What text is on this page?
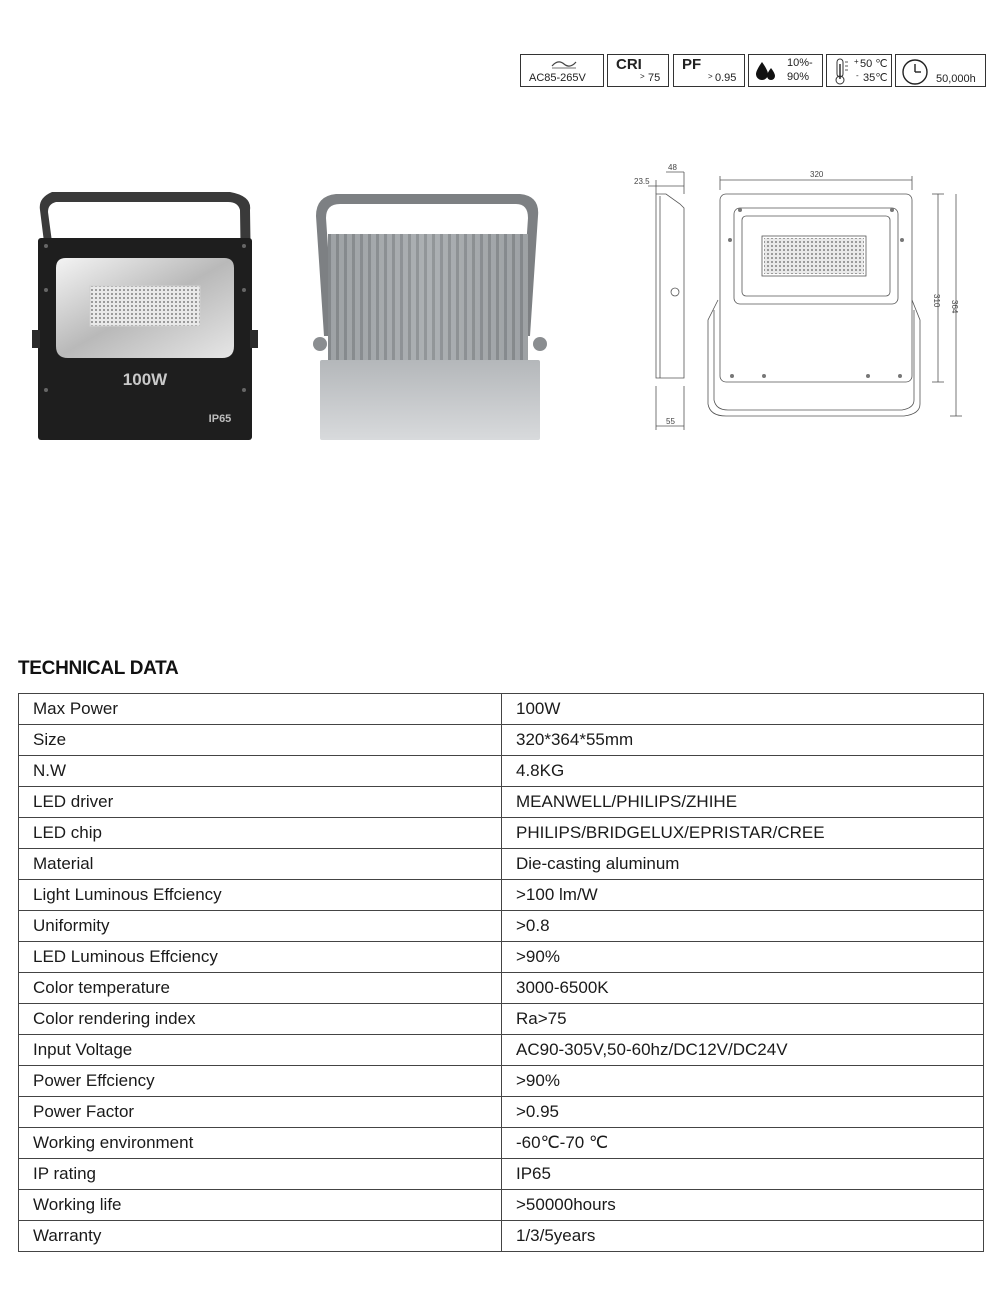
AC85-265V
CRI
> 75
PF
> 0.95
10%-
90%
+ 50 ℃
- 35℃	50,000h
100W
IP65
48
23.5
320
310 364
55
TECHNICAL DATA
Max Power	100W
Size	320*364*55mm
N.W	4.8KG
LED driver	MEANWELL/PHILIPS/ZHIHE
LED chip	PHILIPS/BRIDGELUX/EPRISTAR/CREE
Material	Die-casting aluminum
Light Luminous Effciency	>100 lm/W
Uniformity	>0.8
LED Luminous Effciency	>90%
Color temperature	3000-6500K
Color rendering index	Ra>75
Input Voltage	AC90-305V,50-60hz/DC12V/DC24V
Power Effciency	>90%
Power Factor	>0.95
Working environment	-60℃-70 ℃
IP rating	IP65
Working life	>50000hours
Warranty	1/3/5years
